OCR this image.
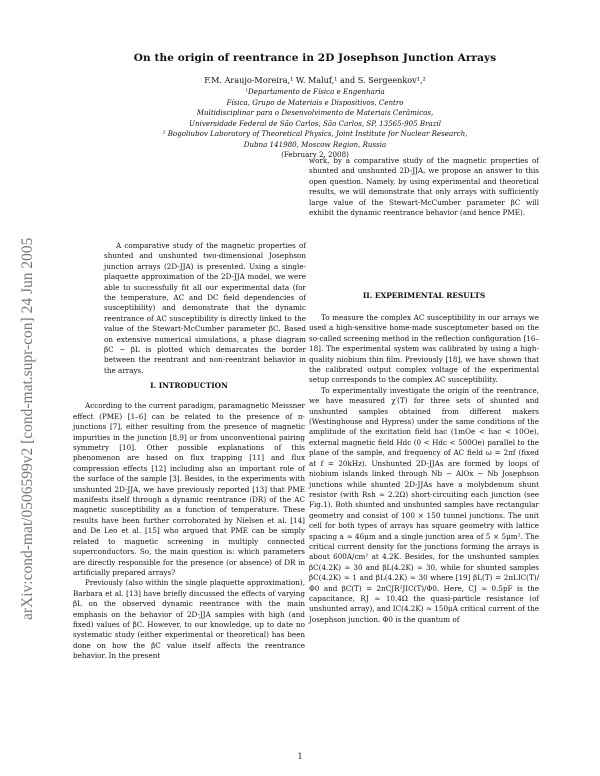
arXiv:cond-mat/0506599v2 [cond-mat.supr-con] 24 Jun 2005
On the origin of reentrance in 2D Josephson Junction Arrays
F.M. Araujo-Moreira,¹ W. Maluf,¹ and S. Sergeenkov¹,²
¹Departamento de Física e Engenharia
Física, Grupo de Materiais e Dispositivos, Centro
Multidisciplinar para o Desenvolvimento de Materiais Cerâmicos,
Universidade Federal de São Carlos, São Carlos, SP, 13565-905 Brazil
² Bogoliubov Laboratory of Theoretical Physics, Joint Institute for Nuclear Research,
Dubna 141980, Moscow Region, Russia
(February 2, 2008)
A comparative study of the magnetic properties of shunted and unshunted two-dimensional Josephson junction arrays (2D-JJA) is presented. Using a single-plaquette approximation of the 2D-JJA model, we were able to successfully fit all our experimental data (for the temperature, AC and DC field dependencies of susceptibility) and demonstrate that the dynamic reentrance of AC susceptibility is directly linked to the value of the Stewart-McCumber parameter βC. Based on extensive numerical simulations, a phase diagram βC − βL is plotted which demarcates the border between the reentrant and non-reentrant behavior in the arrays.

I. INTRODUCTION

According to the current paradigm, paramagnetic Meissner effect (PME) [1–6] can be related to the presence of π-junctions [7], either resulting from the presence of magnetic impurities in the junction [8,9] or from unconventional pairing symmetry [10]. Other possible explanations of this phenomenon are based on flux trapping [11] and flux compression effects [12] including also an important role of the surface of the sample [3]. Besides, in the experiments with unshunted 2D-JJA, we have previously reported [13] that PME manifests itself through a dynamic reentrance (DR) of the AC magnetic susceptibility as a function of temperature. These results have been further corroborated by Nielsen et al. [14] and De Leo et al. [15] who argued that PME can be simply related to magnetic screening in multiply connected superconductors. So, the main question is: which parameters are directly responsible for the presence (or absence) of DR in artificially prepared arrays?

Previously (also within the single plaquette approximation), Barbara et al. [13] have briefly discussed the effects of varying βL on the observed dynamic reentrance with the main emphasis on the behavior of 2D-JJA samples with high (and fixed) values of βC. However, to our knowledge, up to date no systematic study (either experimental or theoretical) has been done on how the βC value itself affects the reentrance behavior. In the present

work, by a comparative study of the magnetic properties of shunted and unshunted 2D-JJA, we propose an answer to this open question. Namely, by using experimental and theoretical results, we will demonstrate that only arrays with sufficiently large value of the Stewart-McCumber parameter βC will exhibit the dynamic reentrance behavior (and hence PME).

II. EXPERIMENTAL RESULTS

To measure the complex AC susceptibility in our arrays we used a high-sensitive home-made susceptometer based on the so-called screening method in the reflection configuration [16–18]. The experimental system was calibrated by using a high-quality niobium thin film. Previously [18], we have shown that the calibrated output complex voltage of the experimental setup corresponds to the complex AC susceptibility.

To experimentally investigate the origin of the reentrance, we have measured χ′(T) for three sets of shunted and unshunted samples obtained from different makers (Westinghouse and Hypress) under the same conditions of the amplitude of the excitation field hac (1mOe < hac < 10Oe), external magnetic field Hdc (0 < Hdc < 500Oe) parallel to the plane of the sample, and frequency of AC field ω = 2πf (fixed at f = 20kHz). Unshunted 2D-JJAs are formed by loops of niobium islands linked through Nb − AlOx − Nb Josephson junctions while shunted 2D-JJAs have a molybdenum shunt resistor (with Rsh ≃ 2.2Ω) short-circuiting each junction (see Fig.1). Both shunted and unshunted samples have rectangular geometry and consist of 100 × 150 tunnel junctions. The unit cell for both types of arrays has square geometry with lattice spacing a ≃ 46μm and a single junction area of 5 × 5μm². The critical current density for the junctions forming the arrays is about 600A/cm² at 4.2K. Besides, for the unshunted samples βC(4.2K) ≃ 30 and βL(4.2K) ≃ 30, while for shunted samples βC(4.2K) ≃ 1 and βL(4.2K) ≃ 30 where [19] βL(T) = 2πLIC(T)/Φ0 and βC(T) = 2πCJR²JIC(T)/Φ0. Here, CJ ≃ 0.5pF is the capacitance, RJ ≃ 10.4Ω the quasi-particle resistance (of unshunted array), and IC(4.2K) ≃ 150μA critical current of the Josephson junction. Φ0 is the quantum of

1
